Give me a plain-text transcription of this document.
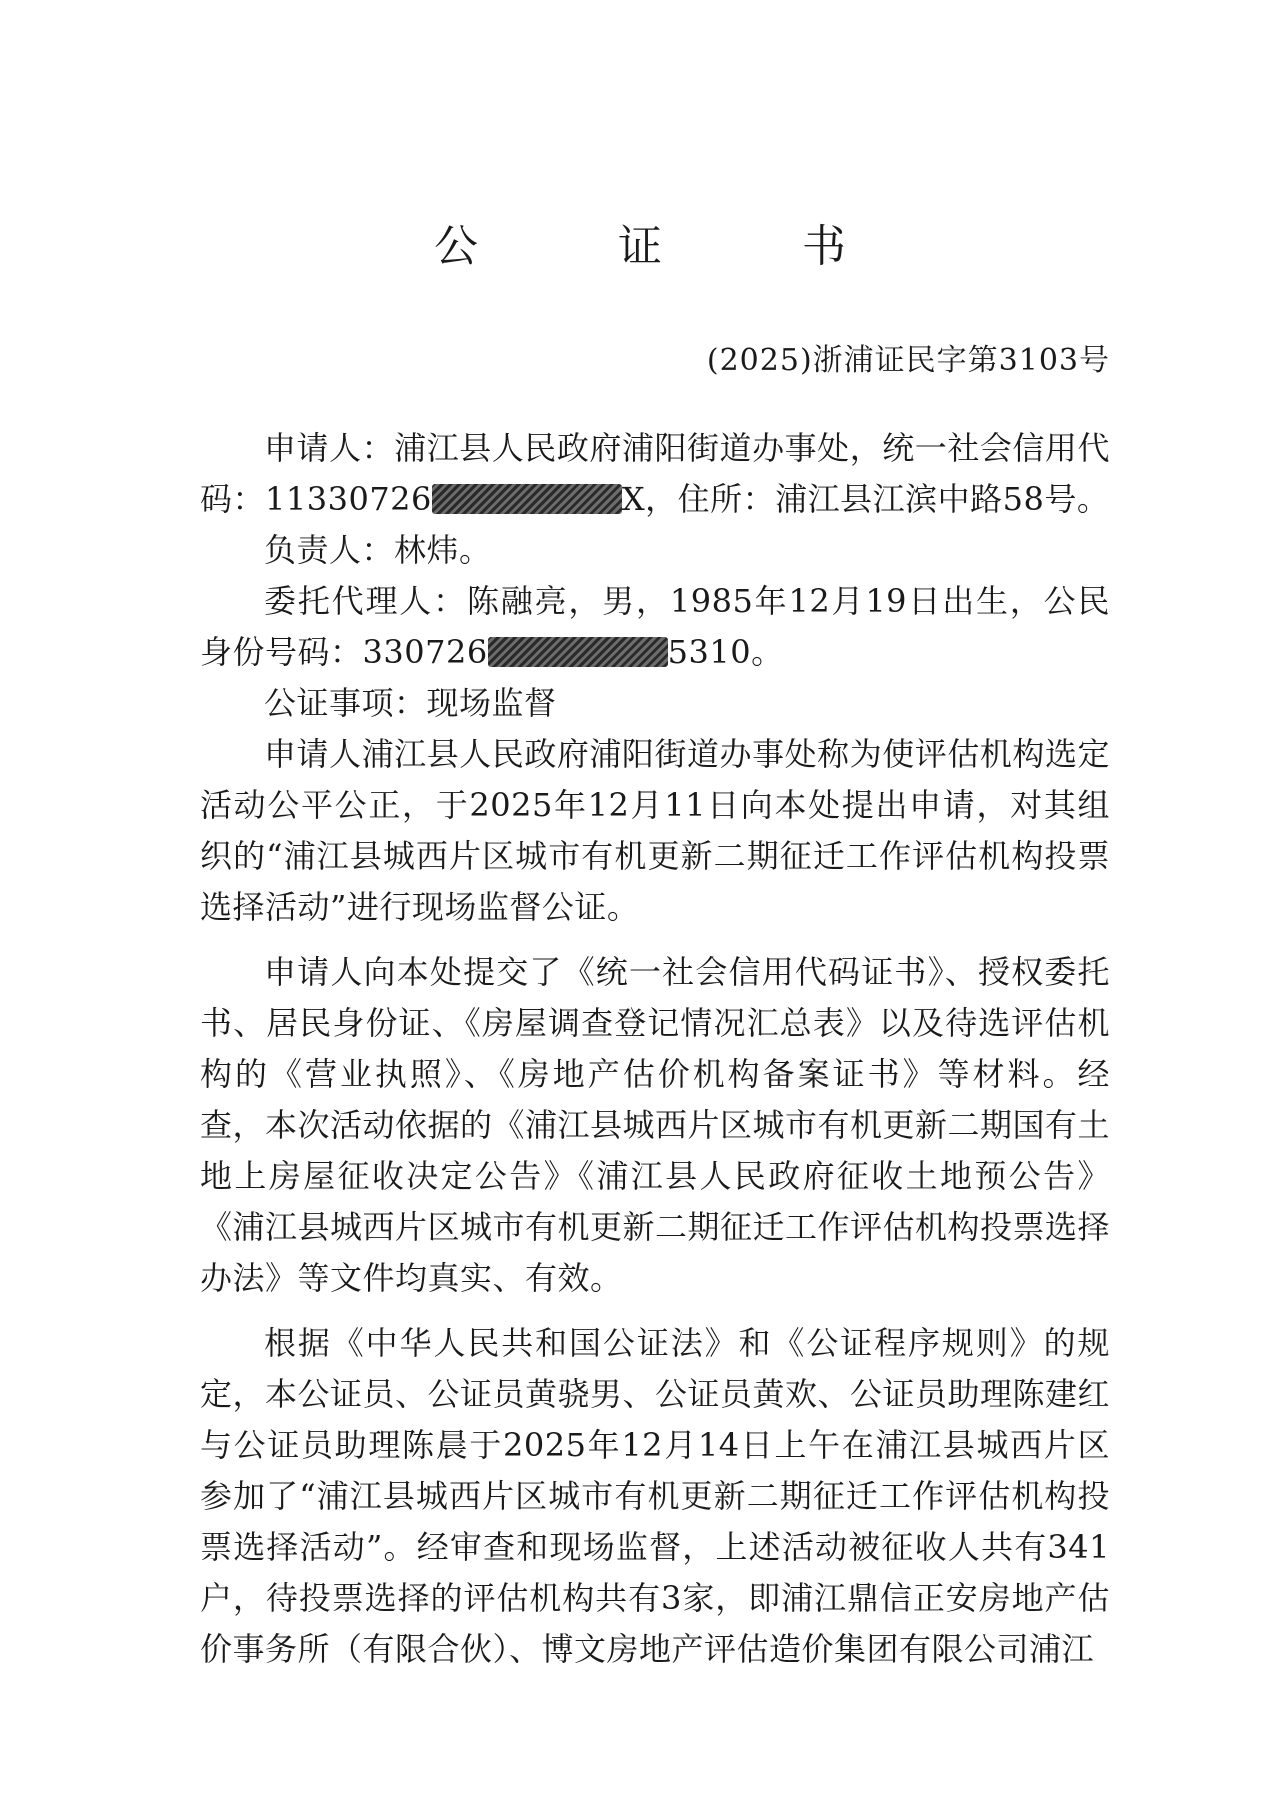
公　证　书
(2025)浙浦证民字第3103号

申请人：浦江县人民政府浦阳街道办事处，统一社会信用代码：11330726	X，住所：浦江县江滨中路58号。

负责人：林炜。

委托代理人：陈融亮，男，1985年12月19日出生，公民身份号码：330726	5310。

公证事项：现场监督

申请人浦江县人民政府浦阳街道办事处称为使评估机构选定活动公平公正，于2025年12月11日向本处提出申请，对其组织的“浦江县城西片区城市有机更新二期征迁工作评估机构投票选择活动”进行现场监督公证。

申请人向本处提交了《统一社会信用代码证书》、授权委托书、居民身份证、《房屋调查登记情况汇总表》以及待选评估机构的《营业执照》、《房地产估价机构备案证书》等材料。经查，本次活动依据的《浦江县城西片区城市有机更新二期国有土地上房屋征收决定公告》《浦江县人民政府征收土地预公告》《浦江县城西片区城市有机更新二期征迁工作评估机构投票选择办法》等文件均真实、有效。

根据《中华人民共和国公证法》和《公证程序规则》的规定，本公证员、公证员黄骁男、公证员黄欢、公证员助理陈建红与公证员助理陈晨于2025年12月14日上午在浦江县城西片区参加了“浦江县城西片区城市有机更新二期征迁工作评估机构投票选择活动”。经审查和现场监督，上述活动被征收人共有341户，待投票选择的评估机构共有3家，即浦江鼎信正安房地产估价事务所（有限合伙）、博文房地产评估造价集团有限公司浦江
